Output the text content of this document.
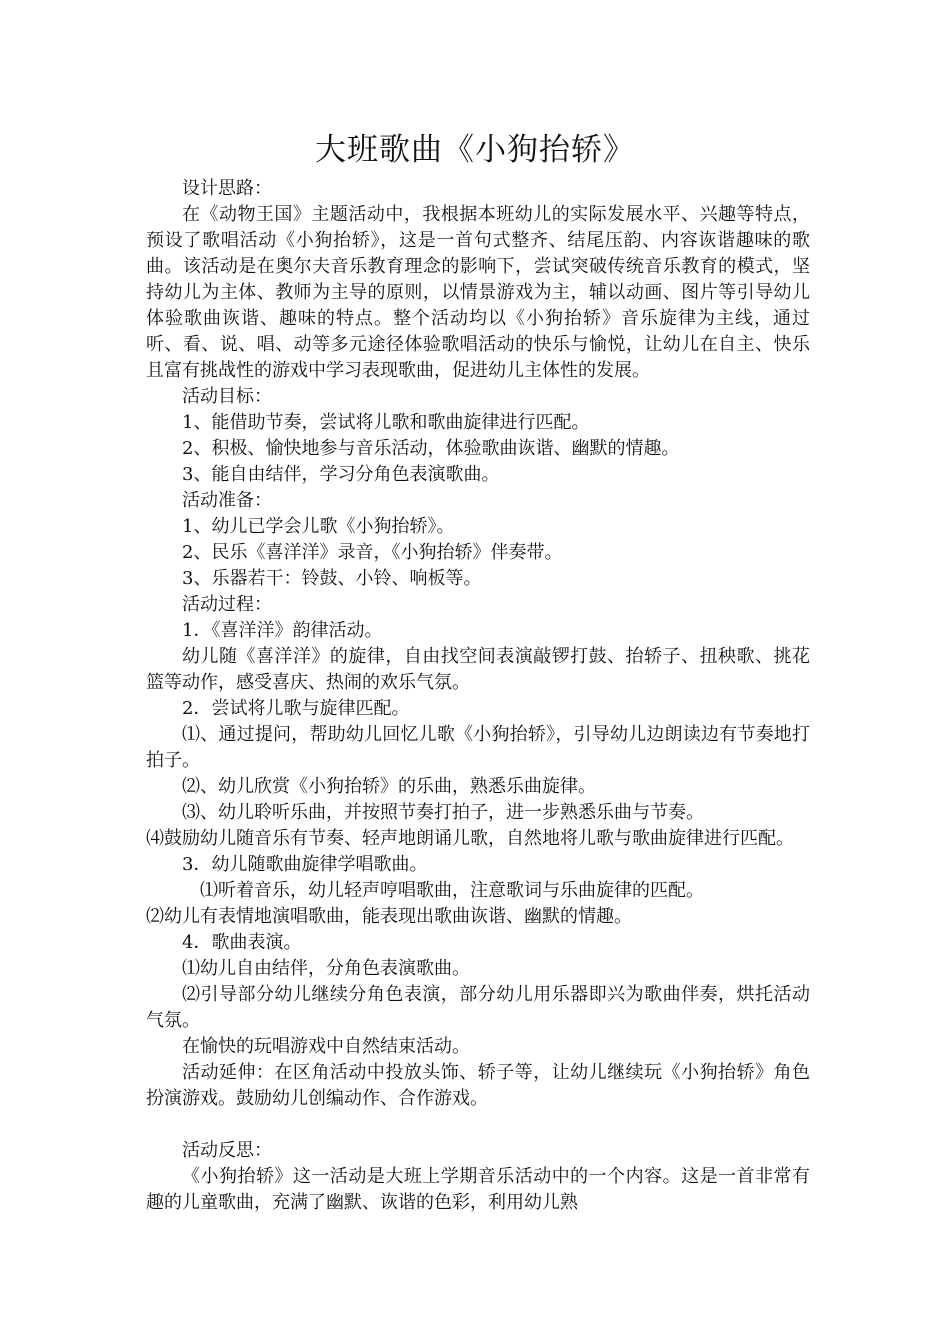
大班歌曲《小狗抬轿》

设计思路：

在《动物王国》主题活动中，我根据本班幼儿的实际发展水平、兴趣等特点，预设了歌唱活动《小狗抬轿》，这是一首句式整齐、结尾压韵、内容诙谐趣味的歌曲。该活动是在奥尔夫音乐教育理念的影响下，尝试突破传统音乐教育的模式，坚持幼儿为主体、教师为主导的原则，以情景游戏为主，辅以动画、图片等引导幼儿体验歌曲诙谐、趣味的特点。整个活动均以《小狗抬轿》音乐旋律为主线，通过听、看、说、唱、动等多元途径体验歌唱活动的快乐与愉悦，让幼儿在自主、快乐且富有挑战性的游戏中学习表现歌曲，促进幼儿主体性的发展。

活动目标：

1、能借助节奏，尝试将儿歌和歌曲旋律进行匹配。

2、积极、愉快地参与音乐活动，体验歌曲诙谐、幽默的情趣。

3、能自由结伴，学习分角色表演歌曲。

活动准备：

1、幼儿已学会儿歌《小狗抬轿》。

2、民乐《喜洋洋》录音，《小狗抬轿》伴奏带。

3、乐器若干：铃鼓、小铃、响板等。

活动过程：

1．《喜洋洋》韵律活动。

幼儿随《喜洋洋》的旋律，自由找空间表演敲锣打鼓、抬轿子、扭秧歌、挑花篮等动作，感受喜庆、热闹的欢乐气氛。

2．尝试将儿歌与旋律匹配。

⑴、通过提问，帮助幼儿回忆儿歌《小狗抬轿》，引导幼儿边朗读边有节奏地打拍子。

⑵、幼儿欣赏《小狗抬轿》的乐曲，熟悉乐曲旋律。

⑶、幼儿聆听乐曲，并按照节奏打拍子，进一步熟悉乐曲与节奏。

⑷鼓励幼儿随音乐有节奏、轻声地朗诵儿歌，自然地将儿歌与歌曲旋律进行匹配。

3．幼儿随歌曲旋律学唱歌曲。

⑴听着音乐，幼儿轻声哼唱歌曲，注意歌词与乐曲旋律的匹配。

⑵幼儿有表情地演唱歌曲，能表现出歌曲诙谐、幽默的情趣。

4．歌曲表演。

⑴幼儿自由结伴，分角色表演歌曲。

⑵引导部分幼儿继续分角色表演，部分幼儿用乐器即兴为歌曲伴奏，烘托活动气氛。

在愉快的玩唱游戏中自然结束活动。

活动延伸：在区角活动中投放头饰、轿子等，让幼儿继续玩《小狗抬轿》角色扮演游戏。鼓励幼儿创编动作、合作游戏。

活动反思：

《小狗抬轿》这一活动是大班上学期音乐活动中的一个内容。这是一首非常有趣的儿童歌曲，充满了幽默、诙谐的色彩，利用幼儿熟
